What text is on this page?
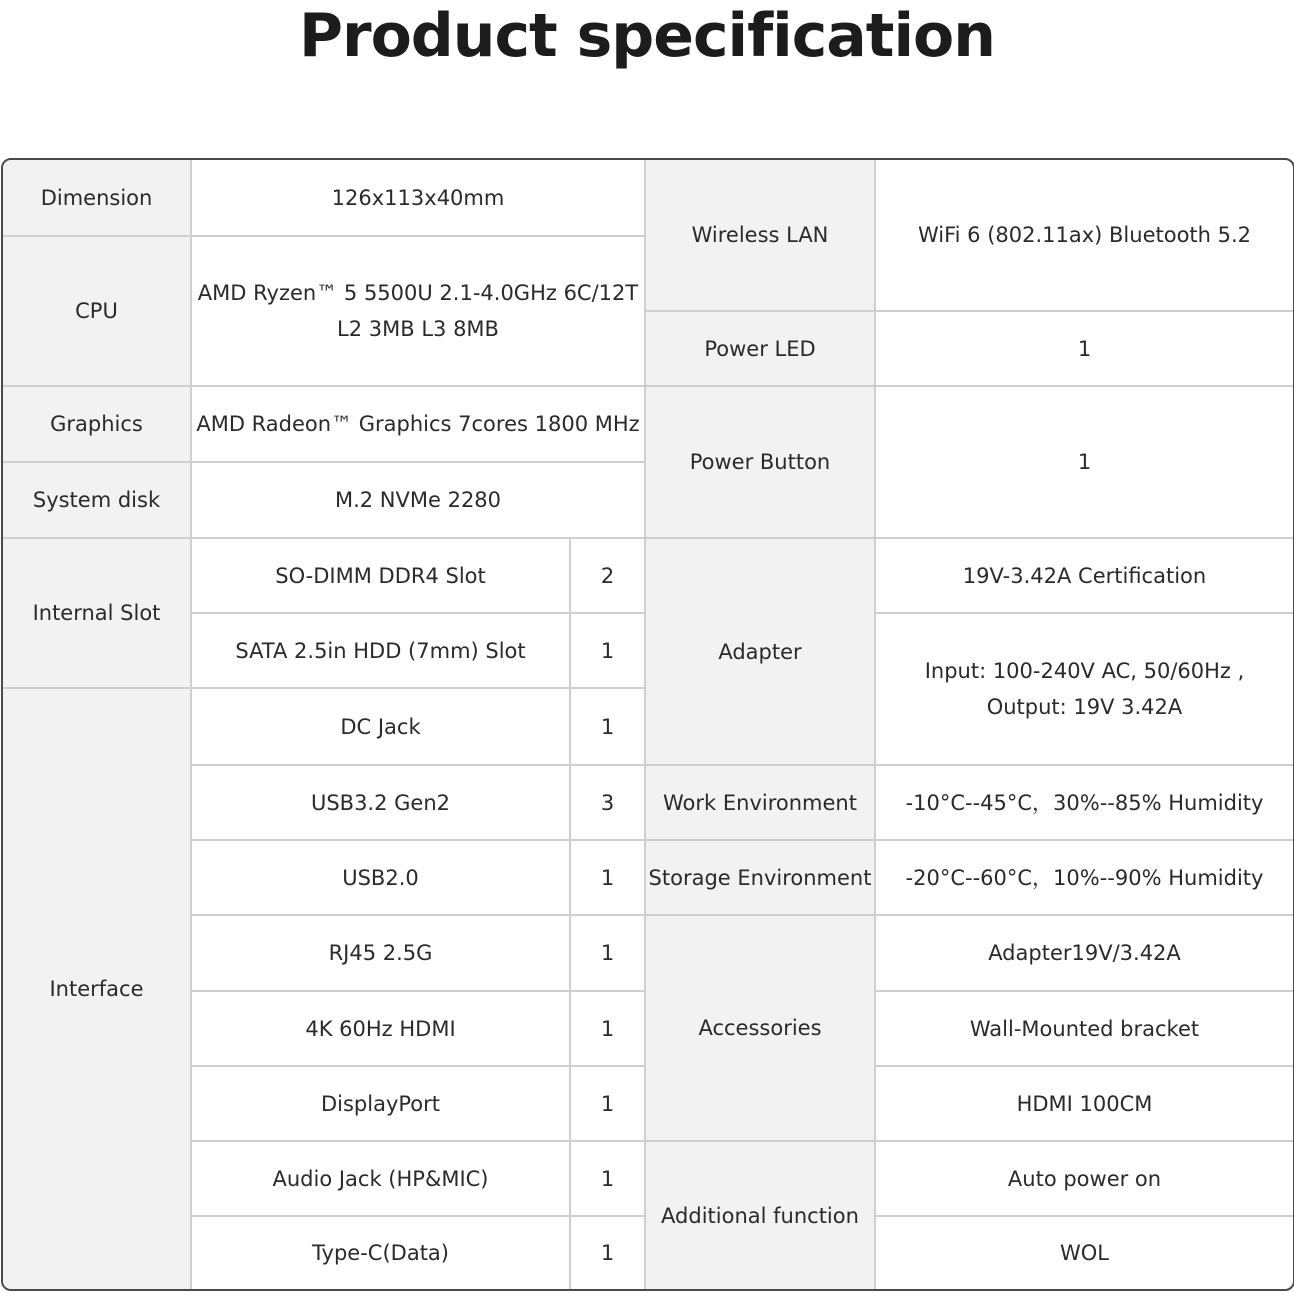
Product specification
Dimension	126x113x40mm
CPU
AMD Ryzen™ 5 5500U 2.1-4.0GHz 6C/12T
L2 3MB L3 8MB
Graphics	AMD Radeon™ Graphics 7cores 1800 MHz
System disk	M.2 NVMe 2280
Internal Slot
SO-DIMM DDR4 Slot	2
SATA 2.5in HDD (7mm) Slot	1
Interface
DC Jack	1
USB3.2 Gen2	3
USB2.0	1
RJ45 2.5G	1
4K 60Hz HDMI	1
DisplayPort	1
Audio Jack (HP&MIC)	1
Type-C(Data)	1
Wireless LAN	WiFi 6 (802.11ax) Bluetooth 5.2
Power LED	1
Power Button	1
Adapter
19V-3.42A Certification
Input: 100-240V AC, 50/60Hz ,
Output: 19V 3.42A
Work Environment	-10°C--45°C，30%--85% Humidity
Storage Environment	-20°C--60°C，10%--90% Humidity
Accessories
Adapter19V/3.42A
Wall-Mounted bracket
HDMI 100CM
Additional function
Auto power on
WOL
